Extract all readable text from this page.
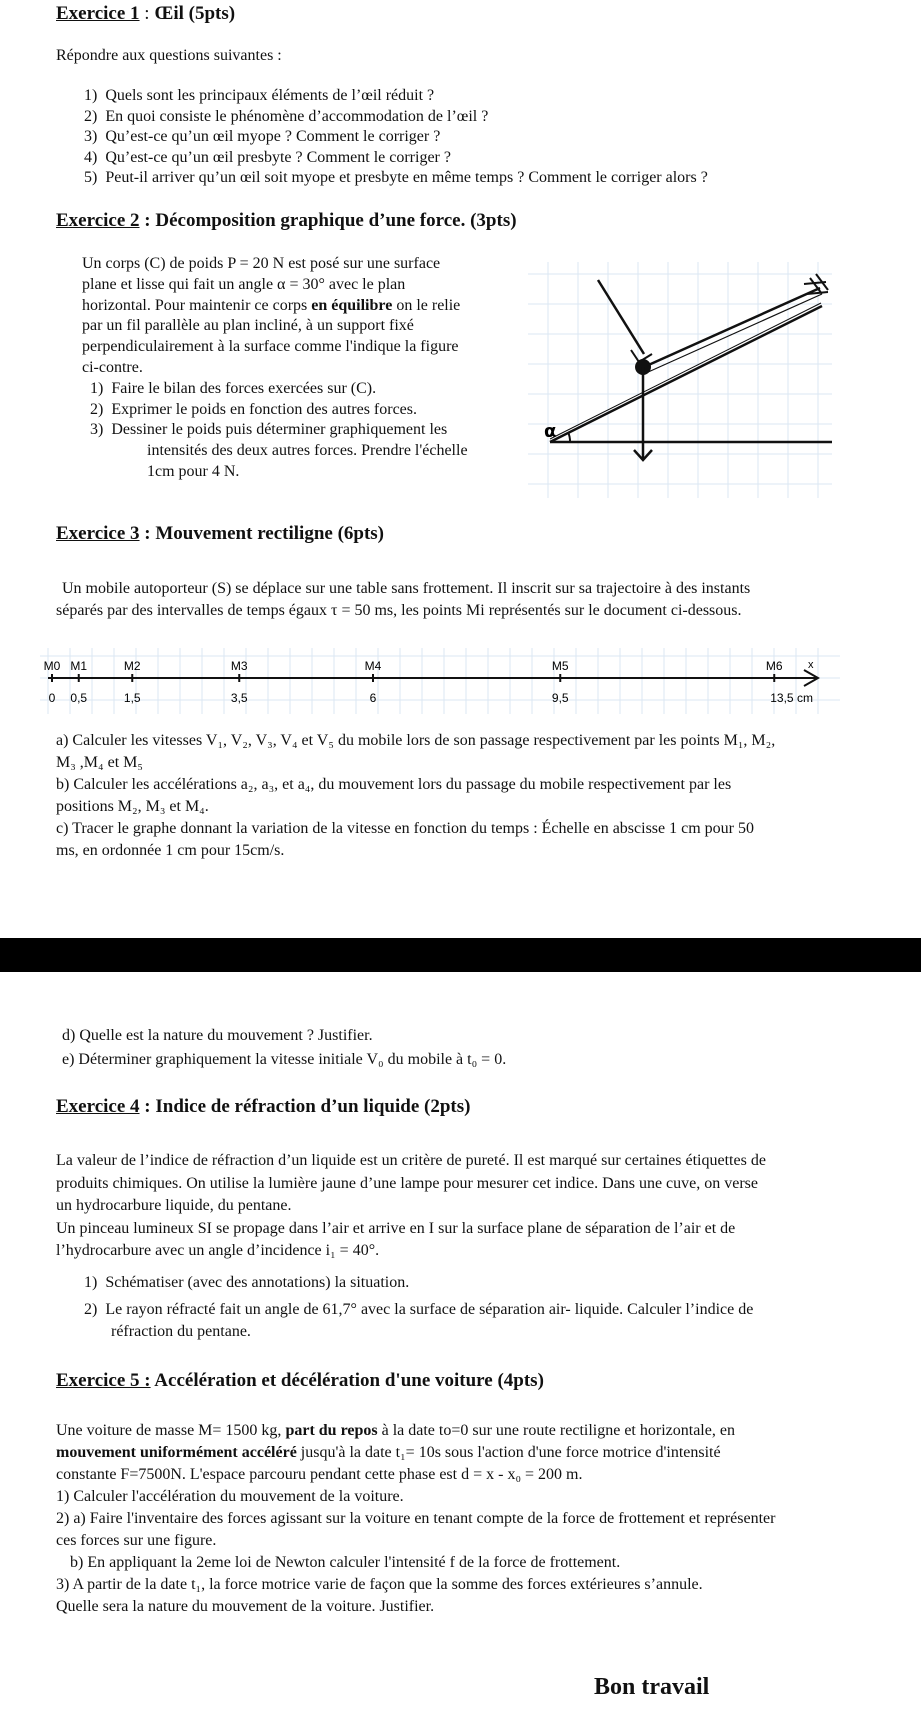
Exercice 1 : Œil (5pts)
Répondre aux questions suivantes :
1)  Quels sont les principaux éléments de l’œil réduit ?
2)  En quoi consiste le phénomène d’accommodation de l’œil ?
3)  Qu’est-ce qu’un œil myope ? Comment le corriger ?
4)  Qu’est-ce qu’un œil presbyte ? Comment le corriger ?
5)  Peut-il arriver qu’un œil soit myope et presbyte en même temps ? Comment le corriger alors ?
Exercice 2 : Décomposition graphique d’une force. (3pts)

Un corps (C) de poids P = 20 N est posé sur une surface

plane et lisse qui fait un angle α = 30° avec le plan

horizontal. Pour maintenir ce corps en équilibre on le relie

par un fil parallèle au plan incliné, à un support fixé

perpendiculairement à la surface comme l'indique la figure

ci-contre.

1)  Faire le bilan des forces exercées sur (C).

2)  Exprimer le poids en fonction des autres forces.

3)  Dessiner le poids puis déterminer graphiquement les

intensités des deux autres forces. Prendre l'échelle

1cm pour 4 N.

α
Exercice 3 : Mouvement rectiligne (6pts)

Un mobile autoporteur (S) se déplace sur une table sans frottement. Il inscrit sur sa trajectoire à des instants

séparés par des intervalles de temps égaux τ = 50 ms, les points Mi représentés sur le document ci-dessous.

x
M0
0
M1
0,5
M2
1,5
M3
3,5
M4
6
M5
9,5
M6
13,5 cm

a) Calculer les vitesses V₁, V₂, V₃, V₄ et V₅ du mobile lors de son passage respectivement par les points M₁, M₂,

M₃ ,M₄ et M₅

b) Calculer les accélérations a₂, a₃, et a₄, du mouvement lors du passage du mobile respectivement par les

positions M₂, M₃ et M₄.

c) Tracer le graphe donnant la variation de la vitesse en fonction du temps : Échelle en abscisse 1 cm pour 50

ms, en ordonnée 1 cm pour 15cm/s.

d) Quelle est la nature du mouvement ? Justifier.

e) Déterminer graphiquement la vitesse initiale V₀ du mobile à t₀ = 0.

Exercice 4 : Indice de réfraction d’un liquide (2pts)

La valeur de l’indice de réfraction d’un liquide est un critère de pureté. Il est marqué sur certaines étiquettes de

produits chimiques. On utilise la lumière jaune d’une lampe pour mesurer cet indice. Dans une cuve, on verse

un hydrocarbure liquide, du pentane.

Un pinceau lumineux SI se propage dans l’air et arrive en I sur la surface plane de séparation de l’air et de

l’hydrocarbure avec un angle d’incidence i₁ = 40°.

1)  Schématiser (avec des annotations) la situation.

2)  Le rayon réfracté fait un angle de 61,7° avec la surface de séparation air- liquide. Calculer l’indice de

réfraction du pentane.

Exercice 5 : Accélération et décélération d'une voiture (4pts)

Une voiture de masse M= 1500 kg, part du repos à la date to=0 sur une route rectiligne et horizontale, en

mouvement uniformément accéléré jusqu'à la date t₁= 10s sous l'action d'une force motrice d'intensité

constante F=7500N. L'espace parcouru pendant cette phase est d = x - x₀ = 200 m.

1) Calculer l'accélération du mouvement de la voiture.

2) a) Faire l'inventaire des forces agissant sur la voiture en tenant compte de la force de frottement et représenter

ces forces sur une figure.

b) En appliquant la 2eme loi de Newton calculer l'intensité f de la force de frottement.

3) A partir de la date t₁, la force motrice varie de façon que la somme des forces extérieures s’annule.

Quelle sera la nature du mouvement de la voiture. Justifier.

Bon travail
